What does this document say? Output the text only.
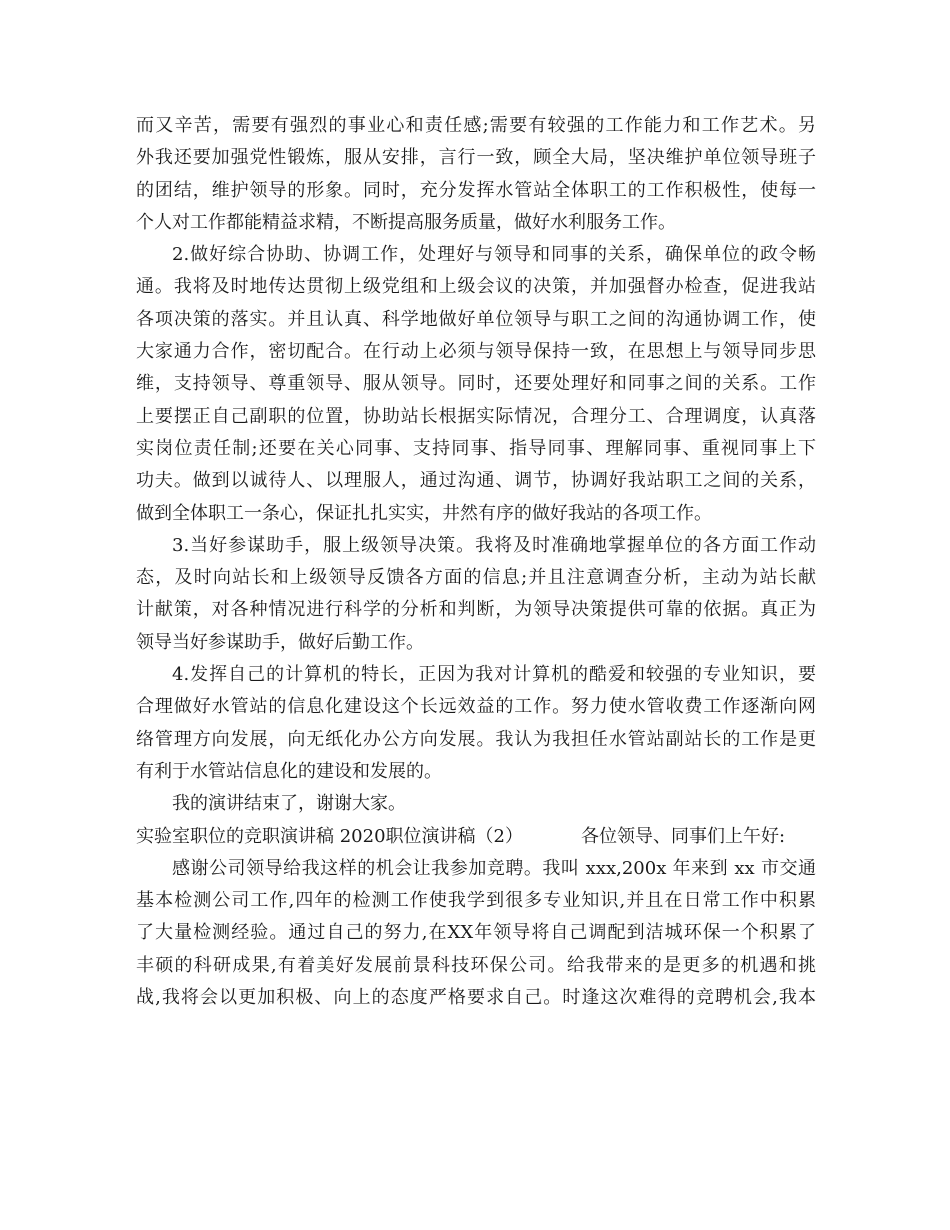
而又辛苦，需要有强烈的事业心和责任感;需要有较强的工作能力和工作艺术。另
外我还要加强党性锻炼，服从安排，言行一致，顾全大局，坚决维护单位领导班子
的团结，维护领导的形象。同时，充分发挥水管站全体职工的工作积极性，使每一
个人对工作都能精益求精，不断提高服务质量，做好水利服务工作。
2.做好综合协助、协调工作，处理好与领导和同事的关系，确保单位的政令畅
通。我将及时地传达贯彻上级党组和上级会议的决策，并加强督办检查，促进我站
各项决策的落实。并且认真、科学地做好单位领导与职工之间的沟通协调工作，使
大家通力合作，密切配合。在行动上必须与领导保持一致，在思想上与领导同步思
维，支持领导、尊重领导、服从领导。同时，还要处理好和同事之间的关系。工作
上要摆正自己副职的位置，协助站长根据实际情况，合理分工、合理调度，认真落
实岗位责任制;还要在关心同事、支持同事、指导同事、理解同事、重视同事上下
功夫。做到以诚待人、以理服人，通过沟通、调节，协调好我站职工之间的关系，
做到全体职工一条心，保证扎扎实实，井然有序的做好我站的各项工作。
3.当好参谋助手，服上级领导决策。我将及时准确地掌握单位的各方面工作动
态，及时向站长和上级领导反馈各方面的信息;并且注意调查分析，主动为站长献
计献策，对各种情况进行科学的分析和判断，为领导决策提供可靠的依据。真正为
领导当好参谋助手，做好后勤工作。
4.发挥自己的计算机的特长，正因为我对计算机的酷爱和较强的专业知识，要
合理做好水管站的信息化建设这个长远效益的工作。努力使水管收费工作逐渐向网
络管理方向发展，向无纸化办公方向发展。我认为我担任水管站副站长的工作是更
有利于水管站信息化的建设和发展的。
我的演讲结束了，谢谢大家。
实验室职位的竞职演讲稿 2020职位演讲稿（2）	各位领导、同事们上午好:
感谢公司领导给我这样的机会让我参加竞聘。我叫 xxx,200x 年来到 xx 市交通
基本检测公司工作,四年的检测工作使我学到很多专业知识,并且在日常工作中积累
了大量检测经验。通过自己的努力,在XX年领导将自己调配到洁城环保一个积累了
丰硕的科研成果,有着美好发展前景科技环保公司。给我带来的是更多的机遇和挑
战,我将会以更加积极、向上的态度严格要求自己。时逢这次难得的竞聘机会,我本
